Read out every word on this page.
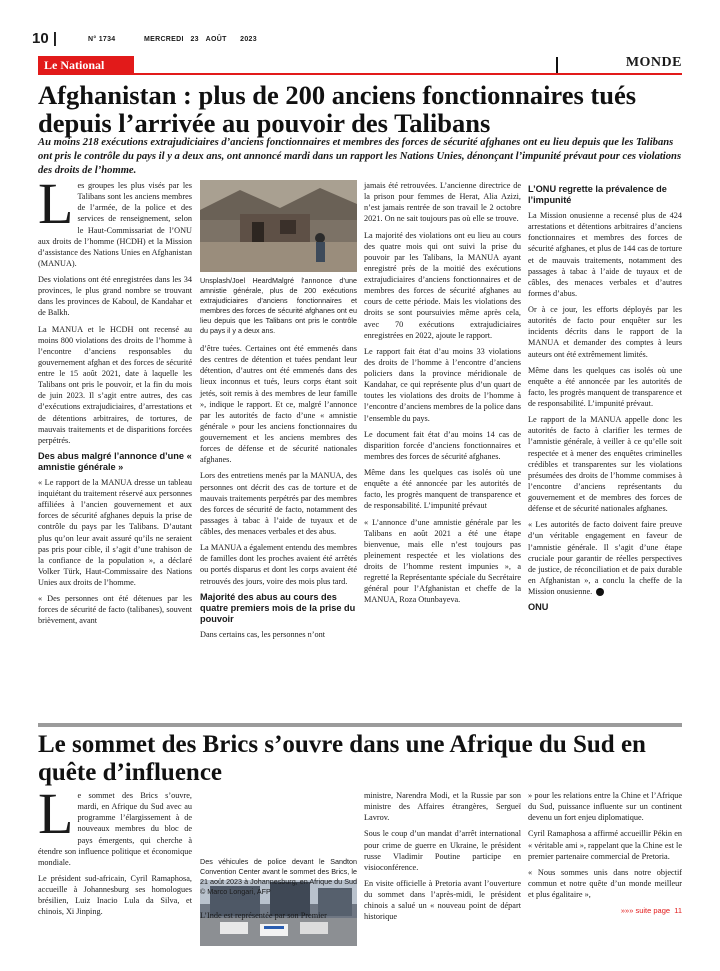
10 |	N° 1734	MERCREDI 23 AOÛT 2023
Le National	MONDE
Afghanistan : plus de 200 anciens fonctionnaires tués depuis l’arrivée au pouvoir des Talibans

Au moins 218 exécutions extrajudiciaires d’anciens fonctionnaires et membres des forces de sécurité afghanes ont eu lieu depuis que les Talibans ont pris le contrôle du pays il y a deux ans, ont annoncé mardi dans un rapport les Nations Unies, dénonçant l’impunité prévaut pour ces violations des droits de l’homme.

Les groupes les plus visés par les Talibans sont les anciens membres de l’armée, de la police et des services de renseignement, selon le Haut-Commissariat de l’ONU aux droits de l’homme (HCDH) et la Mission d’assistance des Nations Unies en Afghanistan (MANUA).

Des violations ont été enregistrées dans les 34 provinces, le plus grand nombre se trouvant dans les provinces de Kaboul, de Kandahar et de Balkh.

La MANUA et le HCDH ont recensé au moins 800 violations des droits de l’homme à l’encontre d’anciens responsables du gouvernement afghan et des forces de sécurité entre le 15 août 2021, date à laquelle les Talibans ont pris le pouvoir, et la fin du mois de juin 2023. Il s’agit entre autres, des cas d’exécutions extrajudiciaires, d’arrestations et de détentions arbitraires, de tortures, de mauvais traitements et de disparitions forcées perpétrés.

Des abus malgré l’annonce d’une « amnistie générale »

« Le rapport de la MANUA dresse un tableau inquiétant du traitement réservé aux personnes affiliées à l’ancien gouvernement et aux forces de sécurité afghanes depuis la prise de contrôle du pays par les Talibans. D’autant plus qu’on leur avait assuré qu’ils ne seraient pas pris pour cible, il s’agit d’une trahison de la confiance de la population », a déclaré Volker Türk, Haut-Commissaire des Nations Unies aux droits de l’homme.

« Des personnes ont été détenues par les forces de sécurité de facto (talibanes), souvent brièvement, avant

Unsplash/Joel HeardMalgré l’annonce d’une amnistie générale, plus de 200 exécutions extrajudiciaires d’anciens fonctionnaires et membres des forces de sécurité afghanes ont eu lieu depuis que les Talibans ont pris le contrôle du pays il y a deux ans.

d’être tuées. Certaines ont été emmenés dans des centres de détention et tuées pendant leur détention, d’autres ont été emmenés dans des lieux inconnus et tués, leurs corps étant soit jetés, soit remis à des membres de leur famille », indique le rapport. Et ce, malgré l’annonce par les autorités de facto d’une « amnistie générale » pour les anciens fonctionnaires du gouvernement et les anciens membres des forces de défense et de sécurité nationales afghanes.

Lors des entretiens menés par la MANUA, des personnes ont décrit des cas de torture et de mauvais traitements perpétrés par des membres des forces de sécurité de facto, notamment des passages à tabac à l’aide de tuyaux et de câbles, des menaces verbales et des abus.

La MANUA a également entendu des membres de familles dont les proches avaient été arrêtés ou portés disparus et dont les corps avaient été retrouvés des jours, voire des mois plus tard.

Majorité des abus au cours des quatre premiers mois de la prise du pouvoir

Dans certains cas, les personnes n’ont

jamais été retrouvées. L’ancienne directrice de la prison pour femmes de Herat, Alia Azizi, n’est jamais rentrée de son travail le 2 octobre 2021. On ne sait toujours pas où elle se trouve.

La majorité des violations ont eu lieu au cours des quatre mois qui ont suivi la prise du pouvoir par les Talibans, la MANUA ayant enregistré près de la moitié des exécutions extrajudiciaires d’anciens fonctionnaires et de membres des forces de sécurité afghanes au cours de cette période. Mais les violations des droits se sont poursuivies même après cela, avec 70 exécutions extrajudiciaires enregistrées en 2022, ajoute le rapport.

Le rapport fait état d’au moins 33 violations des droits de l’homme à l’encontre d’anciens policiers dans la province méridionale de Kandahar, ce qui représente plus d’un quart de toutes les violations des droits de l’homme à l’encontre d’anciens membres de la police dans l’ensemble du pays.

Le document fait état d’au moins 14 cas de disparition forcée d’anciens fonctionnaires et membres des forces de sécurité afghanes.

Même dans les quelques cas isolés où une enquête a été annoncée par les autorités de facto, les progrès manquent de transparence et de responsabilité. L’impunité prévaut

« L’annonce d’une amnistie générale par les Talibans en août 2021 a été une étape bienvenue, mais elle n’est toujours pas pleinement respectée et les violations des droits de l’homme restent impunies », a regretté la Représentante spéciale du Secrétaire général pour l’Afghanistan et cheffe de la MANUA, Roza Otunbayeva.

L’ONU regrette la prévalence de l’impunité

La Mission onusienne a recensé plus de 424 arrestations et détentions arbitraires d’anciens fonctionnaires et membres des forces de sécurité afghanes, et plus de 144 cas de torture et de mauvais traitements, notamment des passages à tabac à l’aide de tuyaux et de câbles, des menaces verbales et d’autres formes d’abus.

Or à ce jour, les efforts déployés par les autorités de facto pour enquêter sur les incidents décrits dans le rapport de la MANUA et demander des comptes à leurs auteurs ont été extrêmement limités.

Même dans les quelques cas isolés où une enquête a été annoncée par les autorités de facto, les progrès manquent de transparence et de responsabilité. L’impunité prévaut.

Le rapport de la MANUA appelle donc les autorités de facto à clarifier les termes de l’amnistie générale, à veiller à ce qu’elle soit respectée et à mener des enquêtes criminelles crédibles et transparentes sur les violations présumées des droits de l’homme commises à l’encontre d’anciens représentants du gouvernement et de membres des forces de défense et de sécurité nationales afghanes.

« Les autorités de facto doivent faire preuve d’un véritable engagement en faveur de l’amnistie générale. Il s’agit d’une étape cruciale pour garantir de réelles perspectives de justice, de réconciliation et de paix durable en Afghanistan », a conclu la cheffe de la Mission onusienne.

ONU
Le sommet des Brics s’ouvre dans une Afrique du Sud en quête d’influence

Le sommet des Brics s’ouvre, mardi, en Afrique du Sud avec au programme l’élargissement à de nouveaux membres du bloc de pays émergents, qui cherche à étendre son influence politique et économique mondiale.

Le président sud-africain, Cyril Ramaphosa, accueille à Johannesburg ses homologues brésilien, Luiz Inacio Lula da Silva, et chinois, Xi Jinping.

Des véhicules de police devant le Sandton Convention Center avant le sommet des Brics, le 21 août 2023 à Johannesburg, en Afrique du Sud © Marco Longari, AFP

L’Inde est représentée par son Premier

ministre, Narendra Modi, et la Russie par son ministre des Affaires étrangères, Sergueï Lavrov.

Sous le coup d’un mandat d’arrêt international pour crime de guerre en Ukraine, le président russe Vladimir Poutine participe en visioconférence.

En visite officielle à Pretoria avant l’ouverture du sommet dans l’après-midi, le président chinois a salué un « nouveau point de départ historique

» pour les relations entre la Chine et l’Afrique du Sud, puissance influente sur un continent devenu un fort enjeu diplomatique.

Cyril Ramaphosa a affirmé accueillir Pékin en « véritable ami », rappelant que la Chine est le premier partenaire commercial de Pretoria.

« Nous sommes unis dans notre objectif commun et notre quête d’un monde meilleur et plus égalitaire »,

»»» suite page 11
